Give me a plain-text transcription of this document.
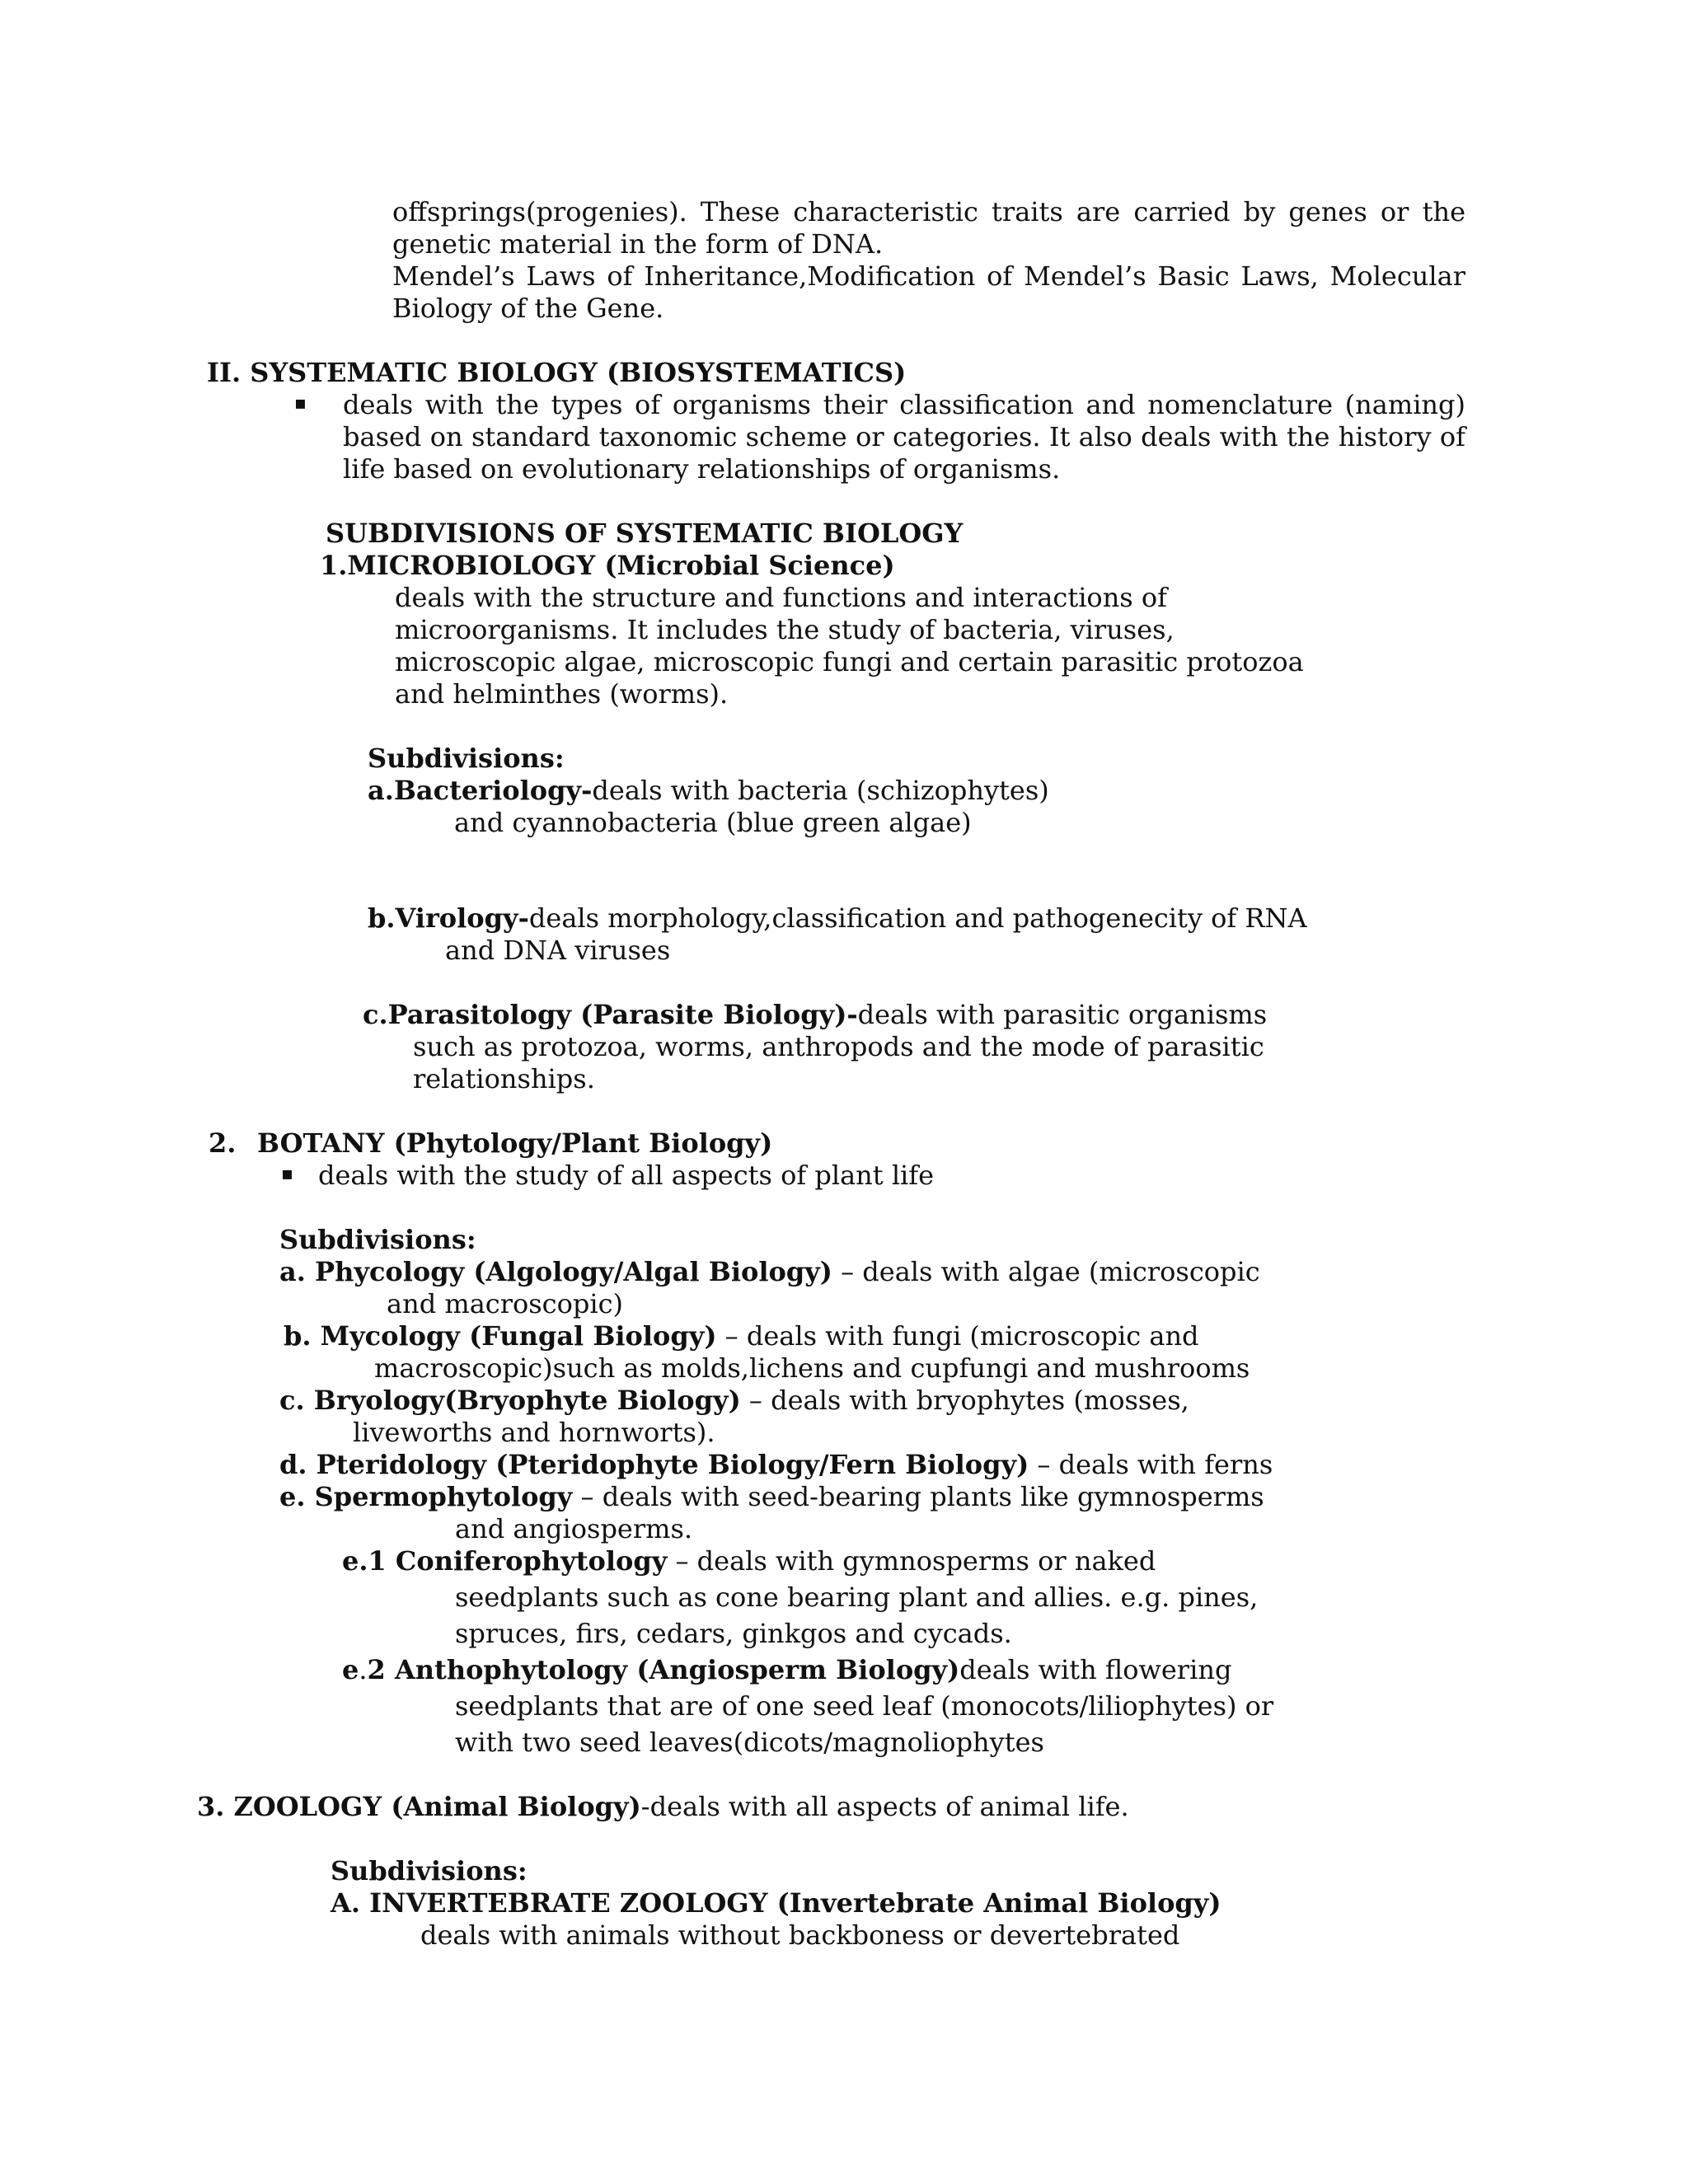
offsprings(progenies). These characteristic traits are carried by genes or the
genetic material in the form of DNA.
Mendel’s Laws of Inheritance,Modification of Mendel’s Basic Laws, Molecular
Biology of the Gene.
II. SYSTEMATIC BIOLOGY (BIOSYSTEMATICS)
▪ deals with the types of organisms their classification and nomenclature (naming)
based on standard taxonomic scheme or categories. It also deals with the history of
life based on evolutionary relationships of organisms.
SUBDIVISIONS OF SYSTEMATIC BIOLOGY
1.MICROBIOLOGY (Microbial Science)
deals with the structure and functions and interactions of
microorganisms. It includes the study of bacteria, viruses,
microscopic algae, microscopic fungi and certain parasitic protozoa
and helminthes (worms).
Subdivisions:
a.Bacteriology-deals with bacteria (schizophytes)
and cyannobacteria (blue green algae)
b.Virology-deals morphology,classification and pathogenecity of RNA
and DNA viruses
c.Parasitology (Parasite Biology)-deals with parasitic organisms
such as protozoa, worms, anthropods and the mode of parasitic
relationships.
2. BOTANY (Phytology/Plant Biology)
▪ deals with the study of all aspects of plant life
Subdivisions:
a. Phycology (Algology/Algal Biology) – deals with algae (microscopic
and macroscopic)
b. Mycology (Fungal Biology) – deals with fungi (microscopic and
macroscopic)such as molds,lichens and cupfungi and mushrooms
c. Bryology(Bryophyte Biology) – deals with bryophytes (mosses,
liveworths and hornworts).
d. Pteridology (Pteridophyte Biology/Fern Biology) – deals with ferns
e. Spermophytology – deals with seed-bearing plants like gymnosperms
and angiosperms.
e.1 Coniferophytology – deals with gymnosperms or naked
seedplants such as cone bearing plant and allies. e.g. pines,
spruces, firs, cedars, ginkgos and cycads.
e.2 Anthophytology (Angiosperm Biology)deals with flowering
seedplants that are of one seed leaf (monocots/liliophytes) or
with two seed leaves(dicots/magnoliophytes
3. ZOOLOGY (Animal Biology)-deals with all aspects of animal life.
Subdivisions:
A. INVERTEBRATE ZOOLOGY (Invertebrate Animal Biology)
deals with animals without backboness or devertebrated
